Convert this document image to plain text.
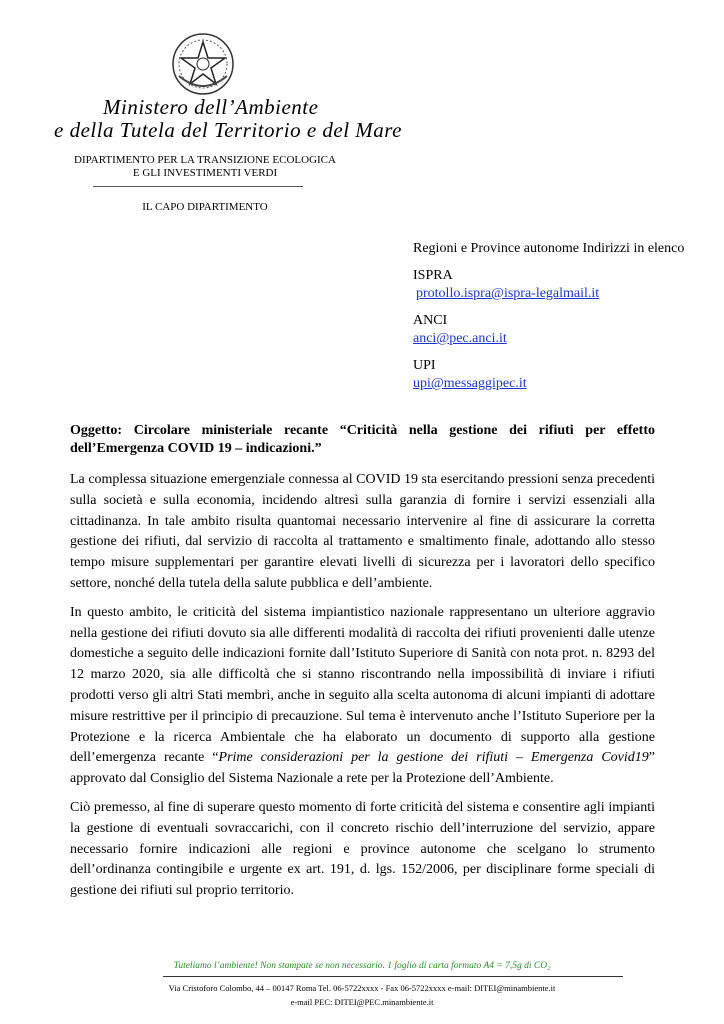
Ministero dell’Ambiente
e della Tutela del Territorio e del Mare
DIPARTIMENTO PER LA TRANSIZIONE ECOLOGICA
E GLI INVESTIMENTI VERDI
IL CAPO DIPARTIMENTO
Regioni e Province autonome Indirizzi in elenco
ISPRA
protollo.ispra@ispra-legalmail.it
ANCI
anci@pec.anci.it
UPI
upi@messaggipec.it
Oggetto: Circolare ministeriale recante “Criticità nella gestione dei rifiuti per effetto dell’Emergenza COVID 19 – indicazioni.”

La complessa situazione emergenziale connessa al COVID 19 sta esercitando pressioni senza precedenti sulla società e sulla economia, incidendo altresì sulla garanzia di fornire i servizi essenziali alla cittadinanza. In tale ambito risulta quantomai necessario intervenire al fine di assicurare la corretta gestione dei rifiuti, dal servizio di raccolta al trattamento e smaltimento finale, adottando allo stesso tempo misure supplementari per garantire elevati livelli di sicurezza per i lavoratori dello specifico settore, nonché della tutela della salute pubblica e dell’ambiente.

In questo ambito, le criticità del sistema impiantistico nazionale rappresentano un ulteriore aggravio nella gestione dei rifiuti dovuto sia alle differenti modalità di raccolta dei rifiuti provenienti dalle utenze domestiche a seguito delle indicazioni fornite dall’Istituto Superiore di Sanità con nota prot. n. 8293 del 12 marzo 2020, sia alle difficoltà che si stanno riscontrando nella impossibilità di inviare i rifiuti prodotti verso gli altri Stati membri, anche in seguito alla scelta autonoma di alcuni impianti di adottare misure restrittive per il principio di precauzione. Sul tema è intervenuto anche l’Istituto Superiore per la Protezione e la ricerca Ambientale che ha elaborato un documento di supporto alla gestione dell’emergenza recante “Prime considerazioni per la gestione dei rifiuti – Emergenza Covid19” approvato dal Consiglio del Sistema Nazionale a rete per la Protezione dell’Ambiente.

Ciò premesso, al fine di superare questo momento di forte criticità del sistema e consentire agli impianti la gestione di eventuali sovraccarichi, con il concreto rischio dell’interruzione del servizio, appare necessario fornire indicazioni alle regioni e province autonome che scelgano lo strumento dell’ordinanza contingibile e urgente ex art. 191, d. lgs. 152/2006, per disciplinare forme speciali di gestione dei rifiuti sul proprio territorio.

Tuteliamo l’ambiente! Non stampate se non necessario. 1 foglio di carta formato A4 = 7,5g di CO₂
Via Cristoforo Colombo, 44 – 00147 Roma Tel. 06-5722xxxx - Fax 06-5722xxxx e-mail: DITEI@minambiente.it
e-mail PEC: DITEI@PEC.minambiente.it
